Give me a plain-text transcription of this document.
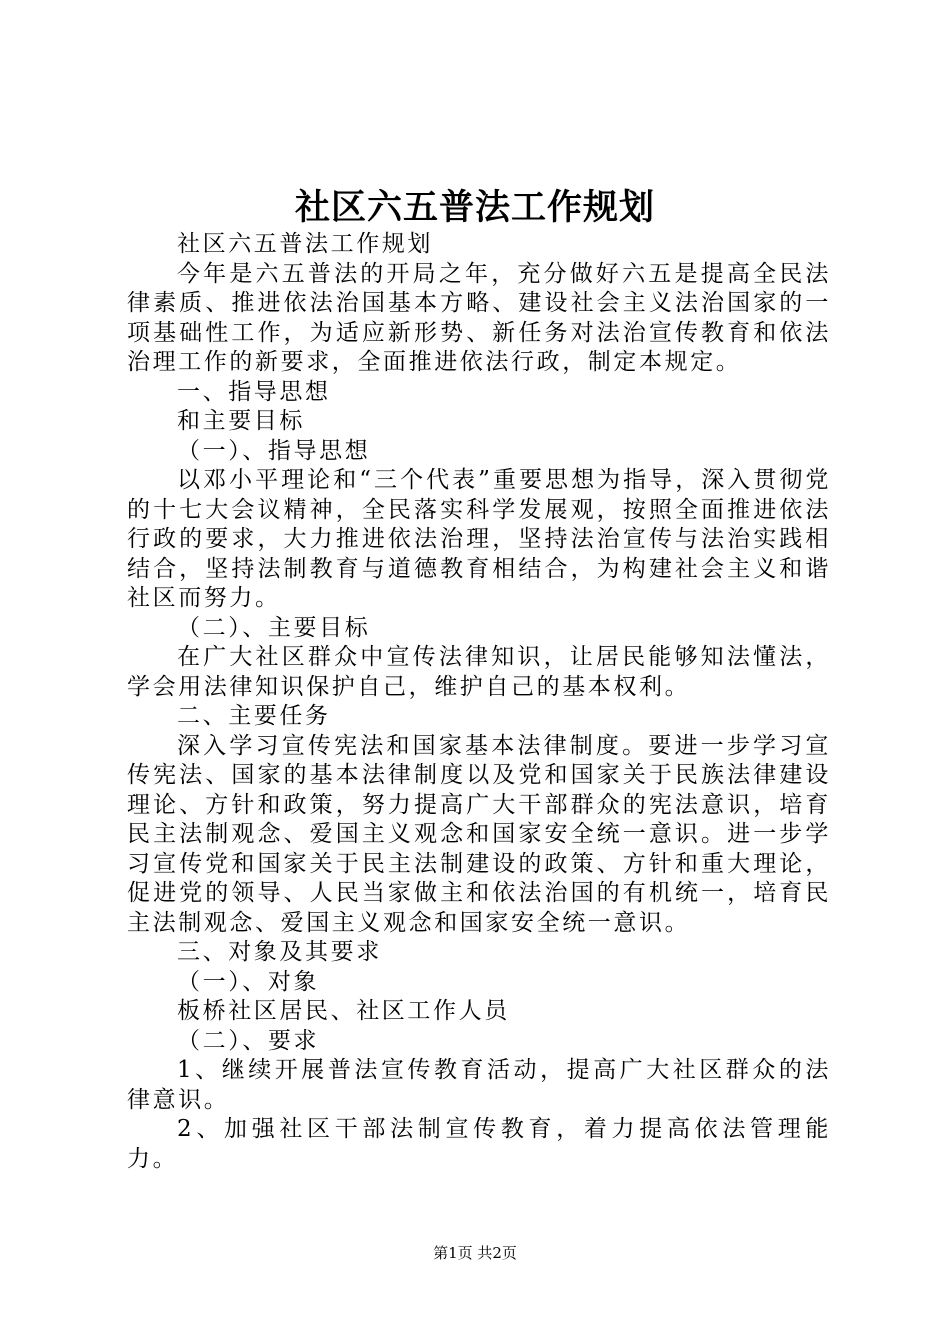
社区六五普法工作规划

社区六五普法工作规划

今年是六五普法的开局之年，充分做好六五是提高全民法律素质、推进依法治国基本方略、建设社会主义法治国家的一项基础性工作，为适应新形势、新任务对法治宣传教育和依法治理工作的新要求，全面推进依法行政，制定本规定。

一、指导思想

和主要目标

（一）、指导思想

以邓小平理论和“三个代表”重要思想为指导，深入贯彻党的十七大会议精神，全民落实科学发展观，按照全面推进依法行政的要求，大力推进依法治理，坚持法治宣传与法治实践相结合，坚持法制教育与道德教育相结合，为构建社会主义和谐社区而努力。

（二）、主要目标

在广大社区群众中宣传法律知识，让居民能够知法懂法，学会用法律知识保护自己，维护自己的基本权利。

二、主要任务

深入学习宣传宪法和国家基本法律制度。要进一步学习宣传宪法、国家的基本法律制度以及党和国家关于民族法律建设理论、方针和政策，努力提高广大干部群众的宪法意识，培育民主法制观念、爱国主义观念和国家安全统一意识。进一步学习宣传党和国家关于民主法制建设的政策、方针和重大理论，促进党的领导、人民当家做主和依法治国的有机统一，培育民主法制观念、爱国主义观念和国家安全统一意识。

三、对象及其要求

（一）、对象

板桥社区居民、社区工作人员

（二）、要求

1、继续开展普法宣传教育活动，提高广大社区群众的法律意识。

2、加强社区干部法制宣传教育，着力提高依法管理能力。

第1页 共2页
